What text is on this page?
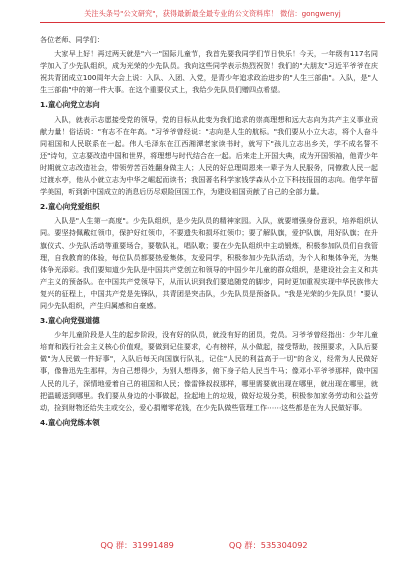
关注头条号"公文研究"，获得最新最全最专业的公文资料库！ 微信：gongwenyj

各位老师、同学们：

大家早上好！再过两天就是"六一"国际儿童节，我首先要我同学们节日快乐！今天，一年级有117名同学加入了少先队组织，成为光荣的少先队员。我向这些同学表示热烈祝贺！我们的"大朋友"习近平爷爷在庆祝共青团成立100周年大会上说：入队、入团、入党，是青少年追求政治进步的"人生三部曲"。入队，是"人生三部曲"中的第一件大事。在这个重要仪式上，我给少先队员们赠四点希望。

1.童心向党立志向

入队，就表示志愿接受党的领导，党的目标从此变为我们追求的崇高理想和远大志向为共产主义事业贡献力量！俗话说："有志不在年高。"习爷爷曾经说："志向是人生的航标。"我们要从小立大志，将个人奋斗同祖国和人民联系在一起。伟人毛泽东在江西湘潭老家读书时，就写下"孩儿立志出乡关，学不成名誓不还"诗句，立志要改造中国和世界，将理想与时代结合在一起。后来走上开国大典，成为开国领袖，他青少年时期就立志改造社会，带领劳苦百姓翻身做主人；人民的好总理周恩来一辈子为人民服务，同僚救人民一起过渡水亭，他从小就立志为中华之崛起而读书；我国著名科学家钱学森从小立下科技报国的志向。他学年留学美国，听到新中国成立的消息后历尽艰险回国工作，为建设祖国贡献了自己的全部力量。

2.童心向党爱组织

入队是"人生第一高度"。少先队组织，是少先队员的精神家园。入队，就要增强身份意识，培养组织认同。要坚持佩戴红领巾，保护好红领巾，不要遗失和损坏红领巾；要了解队旗，爱护队旗，用好队旗；在升旗仪式、少先队活动等重要场合，要敬队礼，唱队歌；要在少先队组织中主动锻炼，积极参加队员们自我管理，自我教育的体验，每位队员都要热爱集体，友爱同学，积极参加少先队活动，为个人和集体争光，为集体争光添彩。我们要知道少先队是中国共产党创立和领导的中国少年儿童的群众组织，是建设社会主义和共产主义的预备队。在中国共产党领导下，从而认识到我们要追随党的脚步，同时更加重视实现中华民族伟大复兴的征程上，中国共产党是先锋队，共青团是突击队，少先队员是预备队。"我是光荣的少先队员！"要认同少先队组织，产生归属感和自豪感。

3.童心向党强道德

少年儿童阶段是人生的起步阶段，没有好的队员，就没有好的团员，党员。习爷爷曾经指出：少年儿童培育和践行社会主义核心价值观，要做到记住要求，心有榜样，从小做起，接受帮助，按照要求，入队后要做"为人民做一件好事"，入队后每天向国旗行队礼，记住"人民的利益高于一切"的含义，经常为人民做好事，像鲁迅先生那样，为自己想得少，为别人想得多，俯下身子给人民当牛马；像邓小平爷爷那样，做中国人民的儿子，深情地爱着自己的祖国和人民；像雷锋叔叔那样，哪里需要就出现在哪里，就出现在哪里，就把温暖送到哪里。我们要从身边的小事做起，捡起地上的垃圾，做好垃圾分类，积极参加家务劳动和公益劳动，捡到财物还给失主或交公，爱心捐赠零花钱，在少先队做些管理工作⋯⋯这些都是在为人民做好事。

4.童心向党练本领
QQ 群：31991489	QQ 群：535304092
